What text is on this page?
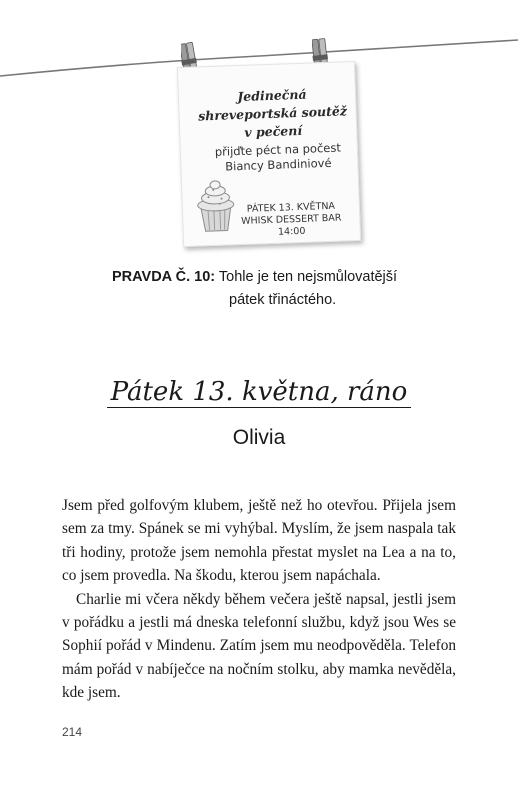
Jedinečná
shreveportská soutěž
v pečení
přijďte péct na počest
Biancy Bandiniové
PÁTEK 13. KVĚTNA
WHISK DESSERT BAR
14:00
PRAVDA Č. 10: Tohle je ten nejsmůlovatější
pátek třináctého.
Pátek 13. května, ráno
Olivia

Jsem před golfovým klubem, ještě než ho otevřou. Přijela jsem sem za tmy. Spánek se mi vyhýbal. Myslím, že jsem naspala tak tři hodiny, protože jsem nemohla přestat myslet na Lea a na to, co jsem provedla. Na škodu, kterou jsem napáchala.

Charlie mi včera někdy během večera ještě napsal, jestli jsem v pořádku a jestli má dneska telefonní službu, když jsou Wes se Sophií pořád v Mindenu. Zatím jsem mu neodpověděla. Telefon mám pořád v nabíječce na nočním stolku, aby mamka nevěděla, kde jsem.

214
